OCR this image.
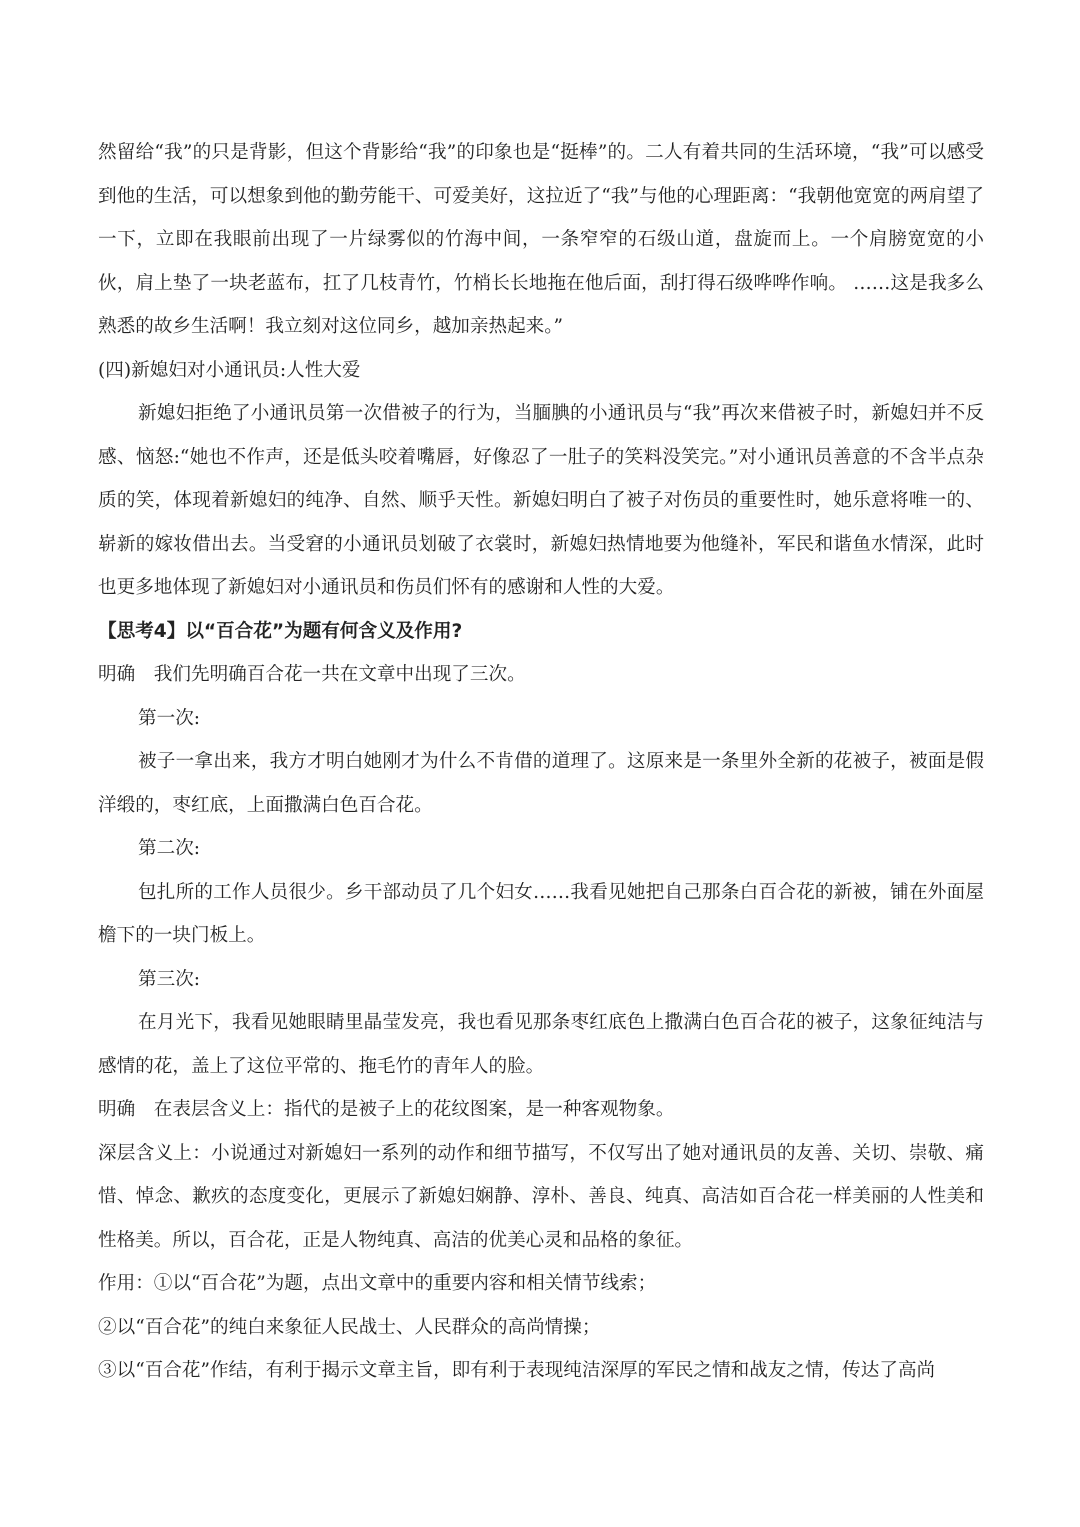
然留给“我”的只是背影，但这个背影给“我”的印象也是“挺棒”的。二人有着共同的生活环境，“我”可以感受到他的生活，可以想象到他的勤劳能干、可爱美好，这拉近了“我”与他的心理距离：“我朝他宽宽的两肩望了一下，立即在我眼前出现了一片绿雾似的竹海中间，一条窄窄的石级山道，盘旋而上。一个肩膀宽宽的小伙，肩上垫了一块老蓝布，扛了几枝青竹，竹梢长长地拖在他后面，刮打得石级哗哗作响。 ……这是我多么熟悉的故乡生活啊！我立刻对这位同乡，越加亲热起来。”

(四)新媳妇对小通讯员:人性大爱

新媳妇拒绝了小通讯员第一次借被子的行为，当腼腆的小通讯员与“我”再次来借被子时，新媳妇并不反感、恼怒:“她也不作声，还是低头咬着嘴唇，好像忍了一肚子的笑料没笑完。”对小通讯员善意的不含半点杂质的笑，体现着新媳妇的纯净、自然、顺乎天性。新媳妇明白了被子对伤员的重要性时，她乐意将唯一的、崭新的嫁妆借出去。当受窘的小通讯员划破了衣裳时，新媳妇热情地要为他缝补，军民和谐鱼水情深，此时也更多地体现了新媳妇对小通讯员和伤员们怀有的感谢和人性的大爱。

【思考4】以“百合花”为题有何含义及作用?

明确　我们先明确百合花一共在文章中出现了三次。

第一次:

被子一拿出来，我方才明白她刚才为什么不肯借的道理了。这原来是一条里外全新的花被子，被面是假洋缎的，枣红底，上面撒满白色百合花。

第二次:

包扎所的工作人员很少。乡干部动员了几个妇女……我看见她把自己那条白百合花的新被，铺在外面屋檐下的一块门板上。

第三次:

在月光下，我看见她眼睛里晶莹发亮，我也看见那条枣红底色上撒满白色百合花的被子，这象征纯洁与感情的花，盖上了这位平常的、拖毛竹的青年人的脸。

明确　在表层含义上：指代的是被子上的花纹图案，是一种客观物象。

深层含义上：小说通过对新媳妇一系列的动作和细节描写，不仅写出了她对通讯员的友善、关切、崇敬、痛惜、悼念、歉疚的态度变化，更展示了新媳妇娴静、淳朴、善良、纯真、高洁如百合花一样美丽的人性美和性格美。所以，百合花，正是人物纯真、高洁的优美心灵和品格的象征。

作用：①以“百合花”为题，点出文章中的重要内容和相关情节线索；

②以“百合花”的纯白来象征人民战士、人民群众的高尚情操；

③以“百合花”作结，有利于揭示文章主旨，即有利于表现纯洁深厚的军民之情和战友之情，传达了高尚
